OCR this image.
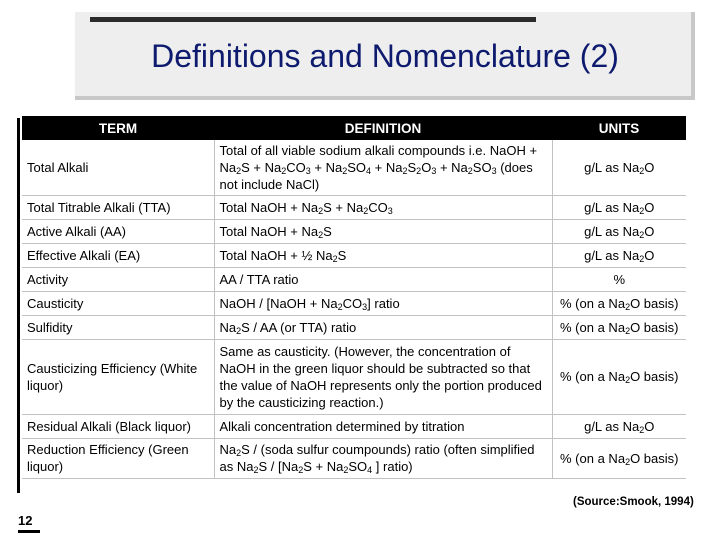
Definitions and Nomenclature (2)
TERM	DEFINITION	UNITS
Total Alkali	Total of all viable sodium alkali compounds i.e. NaOH + $Na_2S + Na_2CO_3 + Na_2SO_4 + Na_2S_2O_3 + Na_2SO_3$ (does not include NaCl)	g/L as $Na_2O$
Total Titrable Alkali (TTA)	Total NaOH + $Na_2S + Na_2CO_3$	g/L as $Na_2O$
Active Alkali (AA)	Total NaOH + $Na_2S$	g/L as $Na_2O$
Effective Alkali (EA)	Total NaOH + ½ $Na_2S$	g/L as $Na_2O$
Activity	AA / TTA ratio	%
Causticity	NaOH / [NaOH + $Na_2CO_3$] ratio	% (on a $Na_2O$ basis)
Sulfidity	$Na_2S$ / AA (or TTA) ratio	% (on a $Na_2O$ basis)
Causticizing Efficiency (White liquor)	Same as causticity. (However, the concentration of NaOH in the green liquor should be subtracted so that the value of NaOH represents only the portion produced by the causticizing reaction.)	% (on a $Na_2O$ basis)
Residual Alkali (Black liquor)	Alkali concentration determined by titration	g/L as $Na_2O$
Reduction Efficiency (Green liquor)	$Na_2S$ / (soda sulfur coumpounds) ratio (often simplified as $Na_2S / [Na_2S + Na_2SO_4$ ] ratio)	% (on a $Na_2O$ basis)
(Source:Smook, 1994)
12
